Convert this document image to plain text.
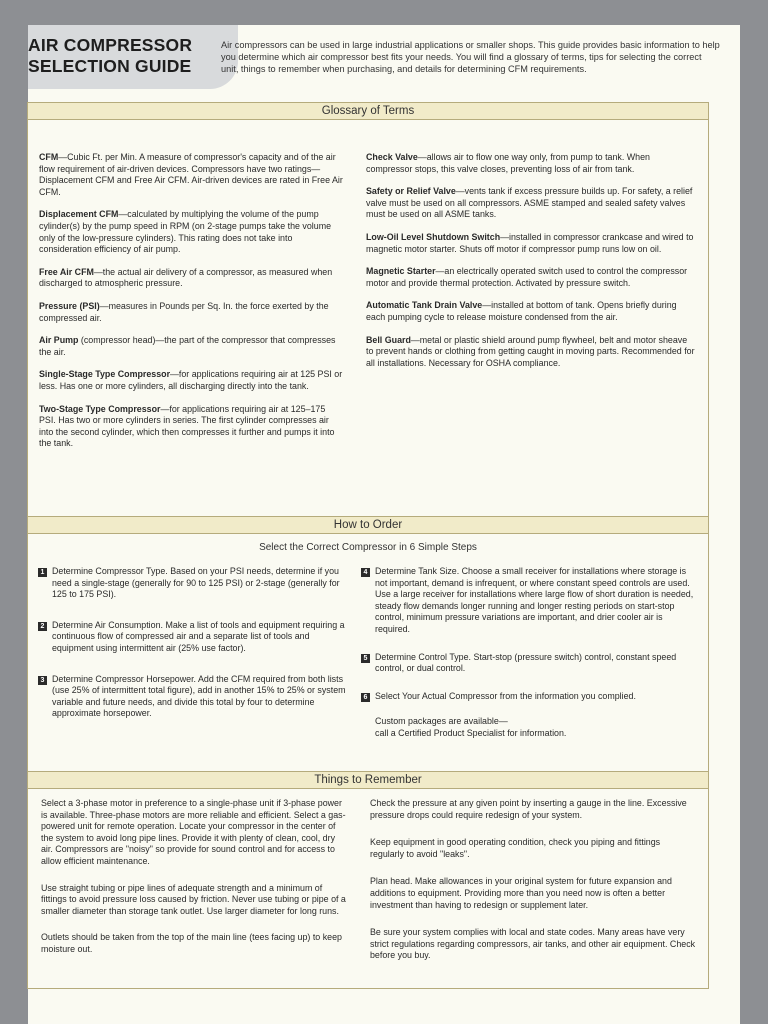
AIR COMPRESSOR
SELECTION GUIDE
Air compressors can be used in large industrial applications or smaller shops. This guide provides basic information to help you determine which air compressor best fits your needs. You will find a glossary of terms, tips for selecting the correct unit, things to remember when purchasing, and details for determining CFM requirements.
Glossary of Terms

CFM—Cubic Ft. per Min. A measure of compressor's capacity and of the air flow requirement of air-driven devices. Compressors have two ratings—Displacement CFM and Free Air CFM. Air-driven devices are rated in Free Air CFM.

Displacement CFM—calculated by multiplying the volume of the pump cylinder(s) by the pump speed in RPM (on 2-stage pumps take the volume only of the low-pressure cylinders). This rating does not take into consideration efficiency of air pump.

Free Air CFM—the actual air delivery of a compressor, as measured when discharged to atmospheric pressure.

Pressure (PSI)—measures in Pounds per Sq. In. the force exerted by the compressed air.

Air Pump (compressor head)—the part of the compressor that compresses the air.

Single-Stage Type Compressor—for applications requiring air at 125 PSI or less. Has one or more cylinders, all discharging directly into the tank.

Two-Stage Type Compressor—for applications requiring air at 125–175 PSI. Has two or more cylinders in series. The first cylinder compresses air into the second cylinder, which then compresses it further and pumps it into the tank.

Check Valve—allows air to flow one way only, from pump to tank. When compressor stops, this valve closes, preventing loss of air from tank.

Safety or Relief Valve—vents tank if excess pressure builds up. For safety, a relief valve must be used on all compressors. ASME stamped and sealed safety valves must be used on all ASME tanks.

Low-Oil Level Shutdown Switch—installed in compressor crankcase and wired to magnetic motor starter. Shuts off motor if compressor pump runs low on oil.

Magnetic Starter—an electrically operated switch used to control the compressor motor and provide thermal protection. Activated by pressure switch.

Automatic Tank Drain Valve—installed at bottom of tank. Opens briefly during each pumping cycle to release moisture condensed from the air.

Bell Guard—metal or plastic shield around pump flywheel, belt and motor sheave to prevent hands or clothing from getting caught in moving parts. Recommended for all installations. Necessary for OSHA compliance.

How to Order
Select the Correct Compressor in 6 Simple Steps
1 Determine Compressor Type. Based on your PSI needs, determine if you need a single-stage (generally for 90 to 125 PSI) or 2-stage (generally for 125 to 175 PSI).
2 Determine Air Consumption. Make a list of tools and equipment requiring a continuous flow of compressed air and a separate list of tools and equipment using intermittent air (25% use factor).
3 Determine Compressor Horsepower. Add the CFM required from both lists (use 25% of intermittent total figure), add in another 15% to 25% or system variable and future needs, and divide this total by four to determine approximate horsepower.
4 Determine Tank Size. Choose a small receiver for installations where storage is not important, demand is infrequent, or where constant speed controls are used. Use a large receiver for installations where large flow of short duration is needed, steady flow demands longer running and longer resting periods on start-stop control, minimum pressure variations are important, and drier cooler air is required.
5 Determine Control Type. Start-stop (pressure switch) control, constant speed control, or dual control.
6 Select Your Actual Compressor from the information you complied.
Custom packages are available—
call a Certified Product Specialist for information.
Things to Remember

Select a 3-phase motor in preference to a single-phase unit if 3-phase power is available. Three-phase motors are more reliable and efficient. Select a gas-powered unit for remote operation. Locate your compressor in the center of the system to avoid long pipe lines. Provide it with plenty of clean, cool, dry air. Compressors are "noisy" so provide for sound control and for access to allow efficient maintenance.

Use straight tubing or pipe lines of adequate strength and a minimum of fittings to avoid pressure loss caused by friction. Never use tubing or pipe of a smaller diameter than storage tank outlet. Use larger diameter for long runs.

Outlets should be taken from the top of the main line (tees facing up) to keep moisture out.

Check the pressure at any given point by inserting a gauge in the line. Excessive pressure drops could require redesign of your system.

Keep equipment in good operating condition, check you piping and fittings regularly to avoid "leaks".

Plan head. Make allowances in your original system for future expansion and additions to equipment. Providing more than you need now is often a better investment than having to redesign or supplement later.

Be sure your system complies with local and state codes. Many areas have very strict regulations regarding compressors, air tanks, and other air equipment. Check before you buy.
